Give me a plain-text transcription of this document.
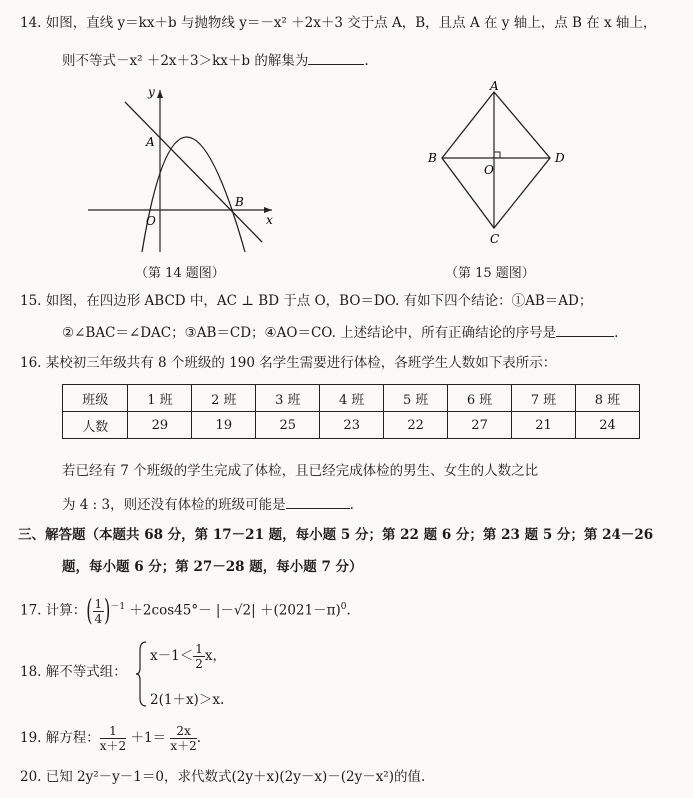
14. 如图，直线 y＝kx＋b 与抛物线 y＝－x² ＋2x＋3 交于点 A，B，且点 A 在 y 轴上，点 B 在 x 轴上，
则不等式－x² ＋2x＋3＞kx＋b 的解集为	.
y
x
A
B
O
（第 14 题图）
A
B
C
D
O
（第 15 题图）
15. 如图，在四边形 ABCD 中，AC ⊥ BD 于点 O，BO＝DO. 有如下四个结论：①AB＝AD；
②∠BAC＝∠DAC；③AB＝CD；④AO＝CO. 上述结论中，所有正确结论的序号是	.
16. 某校初三年级共有 8 个班级的 190 名学生需要进行体检，各班学生人数如下表所示：
班级	1 班	2 班	3 班	4 班	5 班	6 班	7 班	8 班
人数	29	19	25	23	22	27	21	24
若已经有 7 个班级的学生完成了体检，且已经完成体检的男生、女生的人数之比
为 4 : 3，则还没有体检的班级可能是	.
三、解答题（本题共 68 分，第 17－21 题，每小题 5 分；第 22 题 6 分；第 23 题 5 分；第 24－26
题，每小题 6 分；第 27－28 题，每小题 7 分）
17. 计算：( $\frac{1}{4} )^{-1} +2\cos 45^\circ- |-√2| +(2021-\pi)^0$.
18. 解不等式组：
$x-1< \frac{1}{2}$ x，
2(1＋x)＞x.
19. 解方程： $\frac{1}{x+2} +1= \frac{2x}{x+2}$ .
20. 已知 2y²－y－1＝0，求代数式(2y＋x)(2y－x)－(2y－x²)的值.
